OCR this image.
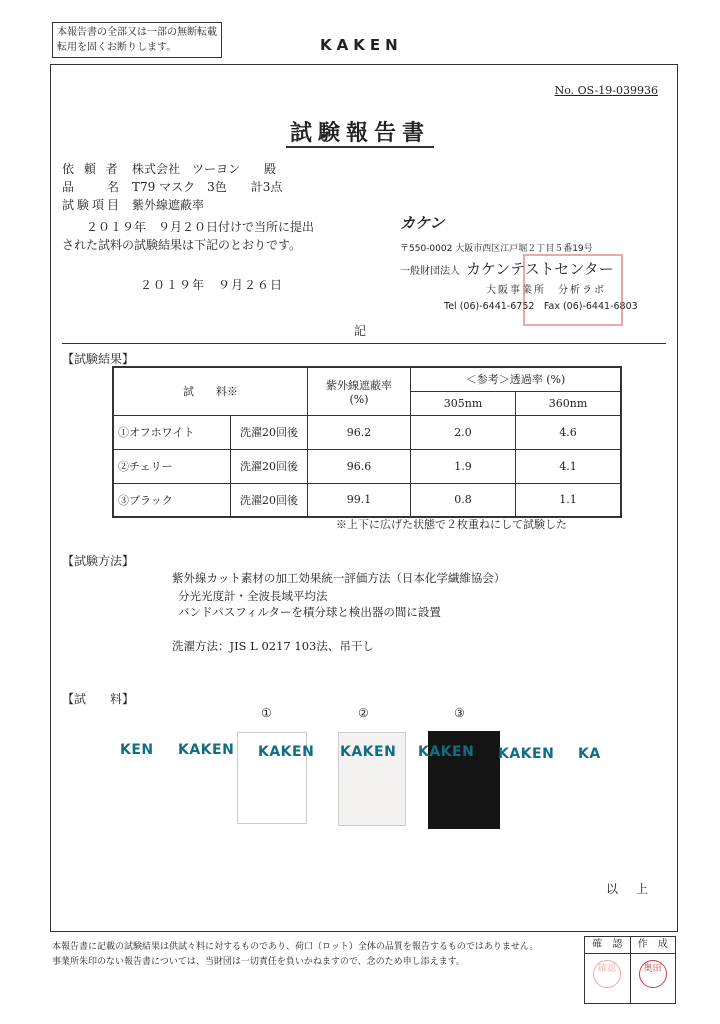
本報告書の全部又は一部の無断転載転用を固くお断りします。	KAKEN
No. OS-19-039936
試験報告書
依 頼 者 株式会社　ツーヨン　　殿
品　　名 T79 マスク　3色　　計3点
試験項目 紫外線遮蔽率
２０１９年　９月２０日付けで当所に提出
された試料の試験結果は下記のとおりです。
２０１９年　９月２６日
カケン
〒550-0002 大阪市西区江戸堀２丁目５番19号
一般財団法人 カケンテストセンター
大阪事業所　分析ラボ
Tel (06)-6441-6752　Fax (06)-6441-6803
記
【試験結果】
試　　料※		紫外線遮蔽率
(%)	＜参考＞透過率 (%)	
			305nm	360nm
①オフホワイト	洗濯20回後	96.2	2.0	4.6
②チェリー	洗濯20回後	96.6	1.9	4.1
③ブラック	洗濯20回後	99.1	0.8	1.1
※上下に広げた状態で２枚重ねにして試験した
【試験方法】
紫外線カット素材の加工効果統一評価方法（日本化学繊維協会）
分光光度計・全波長域平均法
バンドパスフィルターを積分球と検出器の間に設置
洗濯方法：JIS L 0217 103法、吊干し
【試　　料】
①	②	③
KEN KAKEN KAKEN KAKEN KAKEN KAKEN KA
以上
本報告書に記載の試験結果は供試々料に対するものであり、荷口（ロット）全体の品質を報告するものではありません。
事業所朱印のない報告書については、当財団は一切責任を負いかねますので、念のため申し添えます。
確　認	作　成
確認	奥田
